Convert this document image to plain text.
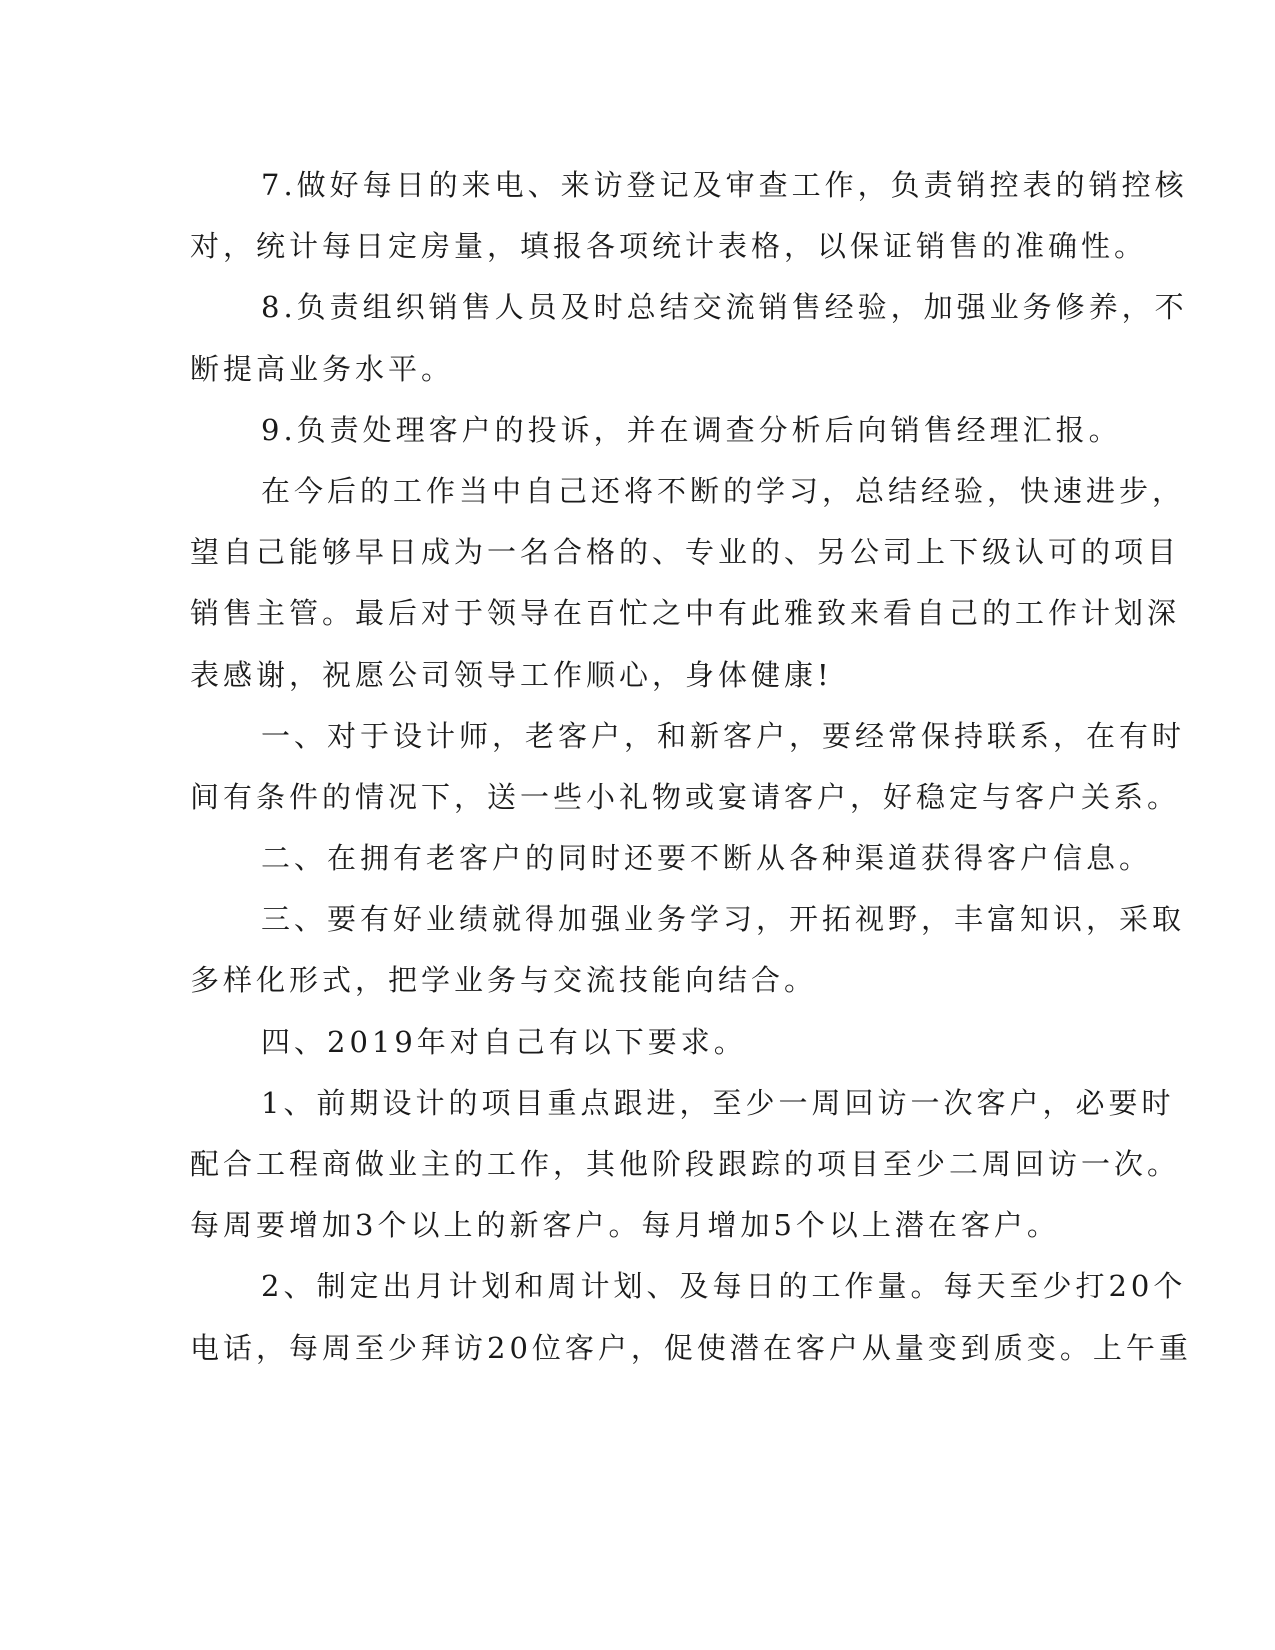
7.做好每日的来电、来访登记及审查工作，负责销控表的销控核
对，统计每日定房量，填报各项统计表格，以保证销售的准确性。
8.负责组织销售人员及时总结交流销售经验，加强业务修养，不
断提高业务水平。
9.负责处理客户的投诉，并在调查分析后向销售经理汇报。
在今后的工作当中自己还将不断的学习，总结经验，快速进步，
望自己能够早日成为一名合格的、专业的、另公司上下级认可的项目
销售主管。最后对于领导在百忙之中有此雅致来看自己的工作计划深
表感谢，祝愿公司领导工作顺心，身体健康!
一、对于设计师，老客户，和新客户，要经常保持联系，在有时
间有条件的情况下，送一些小礼物或宴请客户，好稳定与客户关系。
二、在拥有老客户的同时还要不断从各种渠道获得客户信息。
三、要有好业绩就得加强业务学习，开拓视野，丰富知识，采取
多样化形式，把学业务与交流技能向结合。
四、2019年对自己有以下要求。
1、前期设计的项目重点跟进，至少一周回访一次客户，必要时
配合工程商做业主的工作，其他阶段跟踪的项目至少二周回访一次。
每周要增加3个以上的新客户。每月增加5个以上潜在客户。
2、制定出月计划和周计划、及每日的工作量。每天至少打20个
电话，每周至少拜访20位客户，促使潜在客户从量变到质变。上午重
